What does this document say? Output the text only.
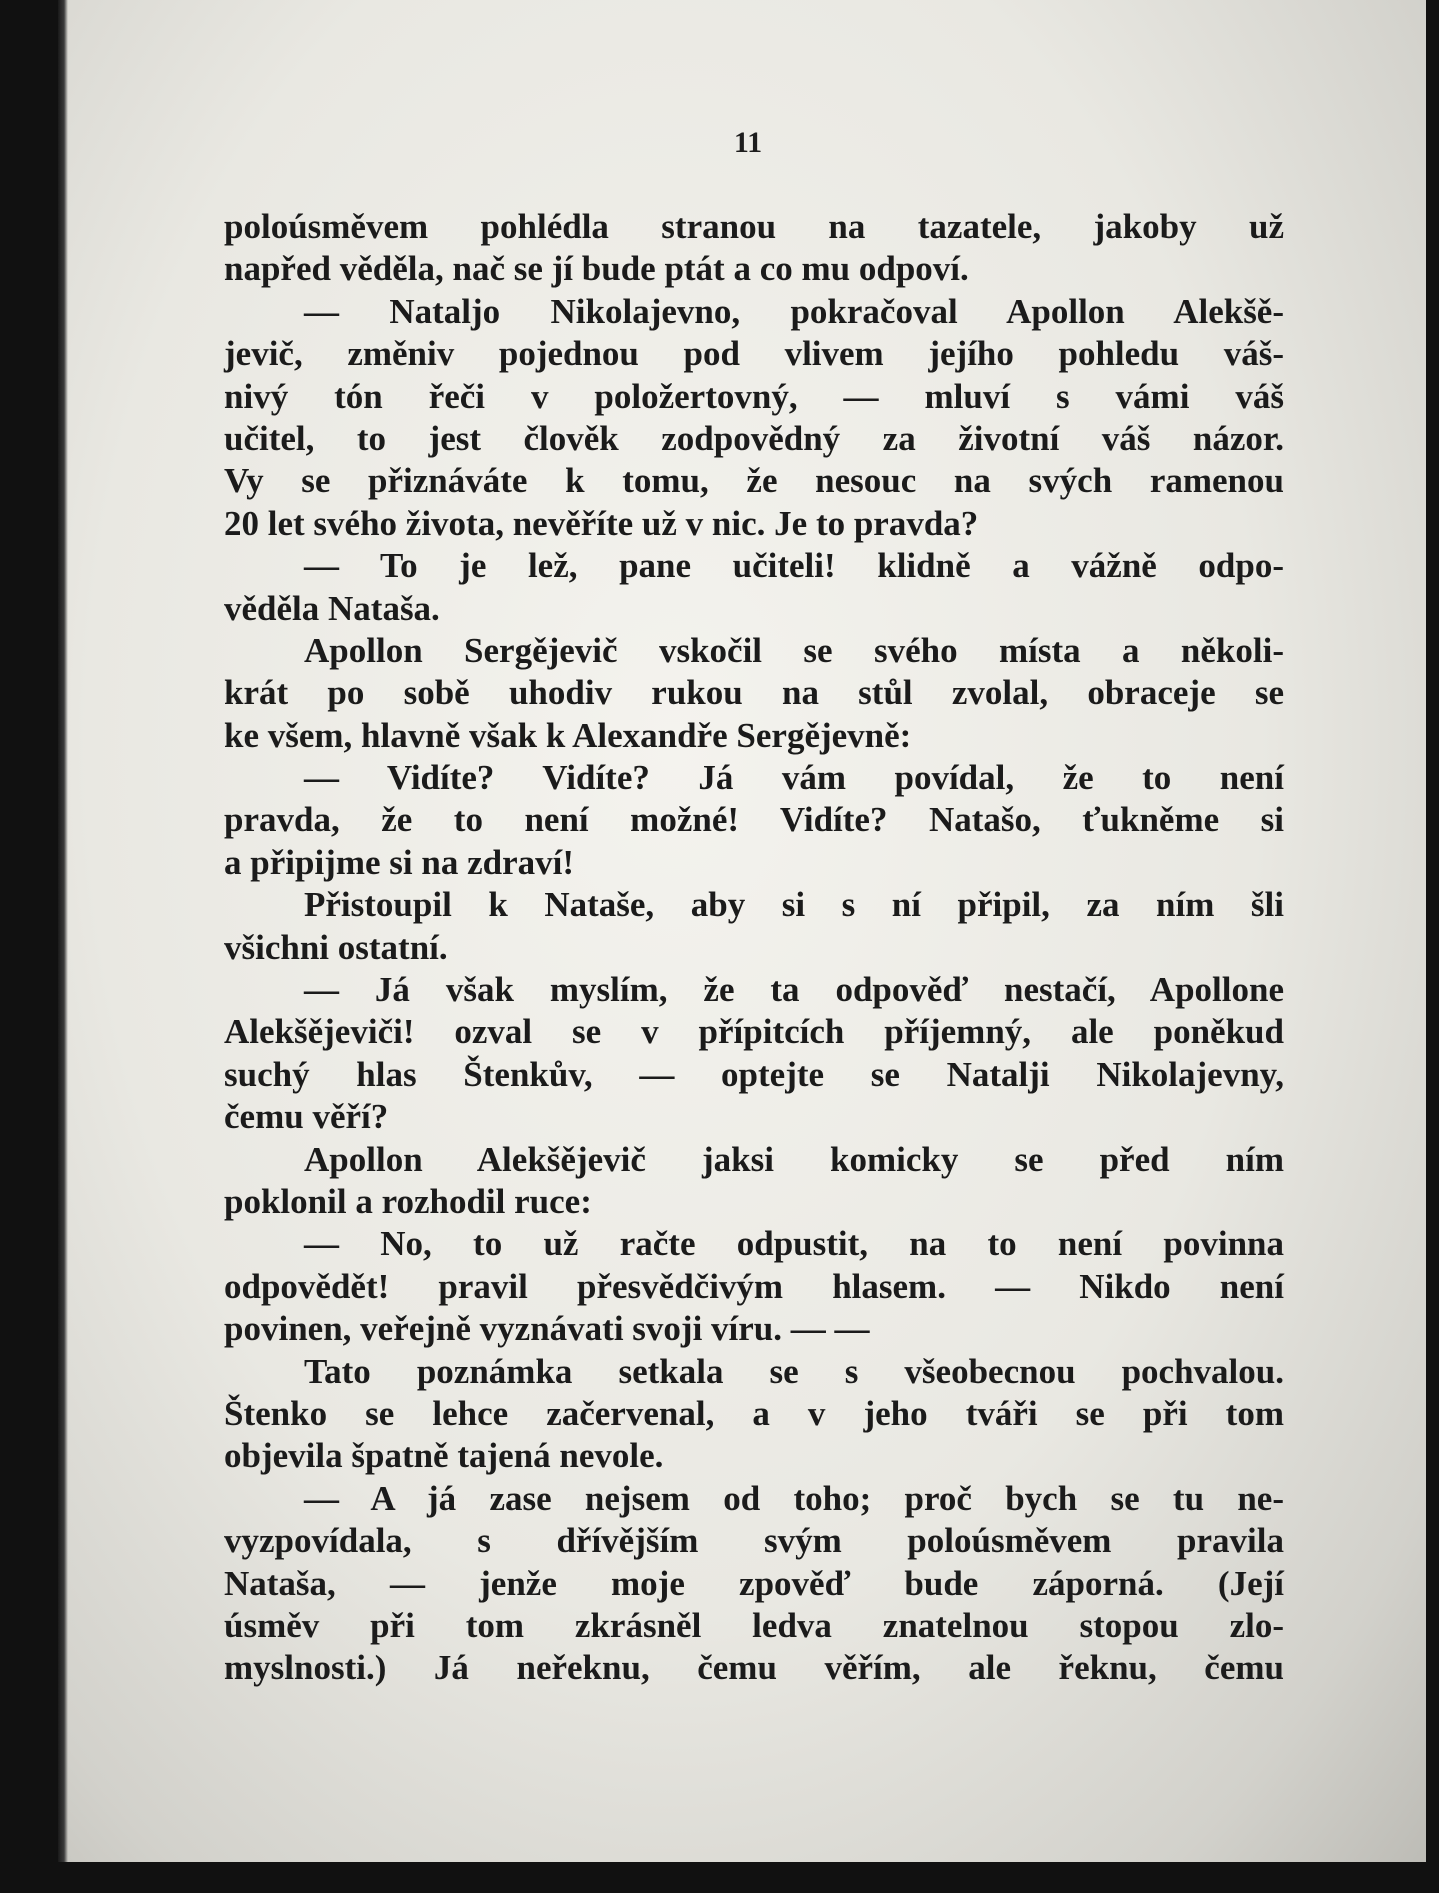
11
poloúsměvem pohlédla stranou na tazatele, jakoby už
napřed věděla, nač se jí bude ptát a co mu odpoví.
— Nataljo Nikolajevno, pokračoval Apollon Alekšě-
jevič, změniv pojednou pod vlivem jejího pohledu váš-
nivý tón řeči v položertovný, — mluví s vámi váš
učitel, to jest člověk zodpovědný za životní váš názor.
Vy se přiznáváte k tomu, že nesouc na svých ramenou
20 let svého života, nevěříte už v nic. Je to pravda?
— To je lež, pane učiteli! klidně a vážně odpo-
věděla Nataša.
Apollon Sergějevič vskočil se svého místa a několi-
krát po sobě uhodiv rukou na stůl zvolal, obraceje se
ke všem, hlavně však k Alexandře Sergějevně:
— Vidíte? Vidíte? Já vám povídal, že to není
pravda, že to není možné! Vidíte? Natašo, ťukněme si
a připijme si na zdraví!
Přistoupil k Nataše, aby si s ní připil, za ním šli
všichni ostatní.
— Já však myslím, že ta odpověď nestačí, Apollone
Alekšějeviči! ozval se v přípitcích příjemný, ale poněkud
suchý hlas Štenkův, — optejte se Natalji Nikolajevny,
čemu věří?
Apollon Alekšějevič jaksi komicky se před ním
poklonil a rozhodil ruce:
— No, to už račte odpustit, na to není povinna
odpovědět! pravil přesvědčivým hlasem. — Nikdo není
povinen, veřejně vyznávati svoji víru. — —
Tato poznámka setkala se s všeobecnou pochvalou.
Štenko se lehce začervenal, a v jeho tváři se při tom
objevila špatně tajená nevole.
— A já zase nejsem od toho; proč bych se tu ne-
vyzpovídala, s dřívějším svým poloúsměvem pravila
Nataša, — jenže moje zpověď bude záporná. (Její
úsměv při tom zkrásněl ledva znatelnou stopou zlo-
myslnosti.) Já neřeknu, čemu věřím, ale řeknu, čemu
